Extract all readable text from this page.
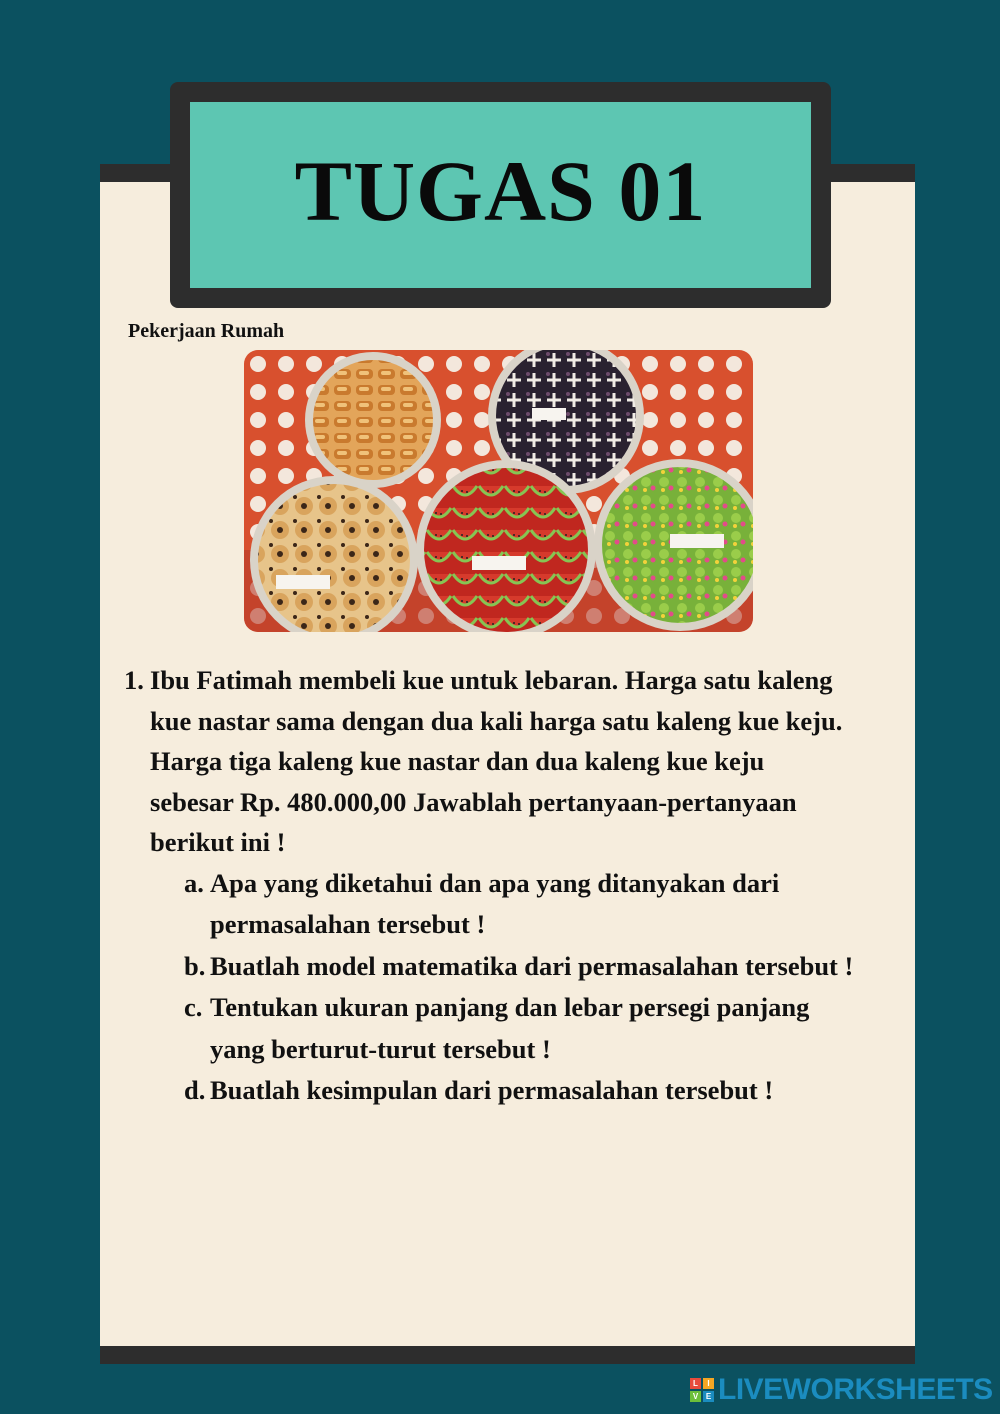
TUGAS 01
Pekerjaan Rumah
1. Ibu Fatimah membeli kue untuk lebaran. Harga satu kaleng
kue nastar sama dengan dua kali harga satu kaleng kue keju.
Harga tiga kaleng kue nastar dan dua kaleng kue keju
sebesar Rp. 480.000,00 Jawablah pertanyaan-pertanyaan
berikut ini !
a. Apa yang diketahui dan apa yang ditanyakan dari
permasalahan tersebut !
b. Buatlah model matematika dari permasalahan tersebut !
c. Tentukan ukuran panjang dan lebar persegi panjang
yang berturut-turut tersebut !
d. Buatlah kesimpulan dari permasalahan tersebut !
L	I
V E LIVEWORKSHEETS
